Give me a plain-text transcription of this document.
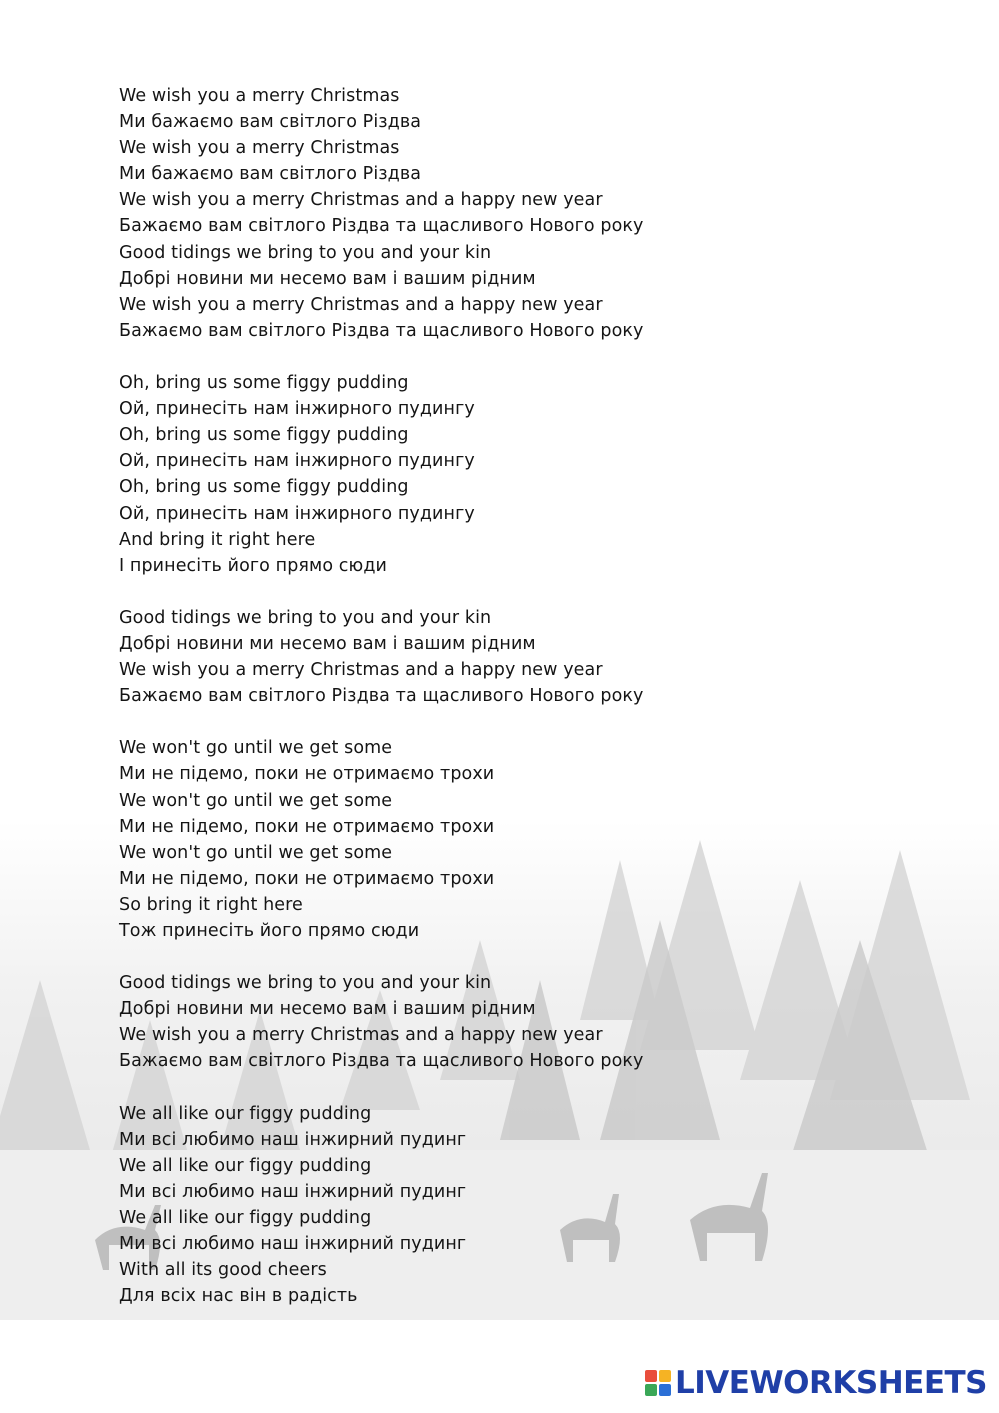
We wish you a merry Christmas
Ми бажаємо вам світлого Різдва
We wish you a merry Christmas
Ми бажаємо вам світлого Різдва
We wish you a merry Christmas and a happy new year
Бажаємо вам світлого Різдва та щасливого Нового року
Good tidings we bring to you and your kin
Добрі новини ми несемо вам і вашим рідним
We wish you a merry Christmas and a happy new year
Бажаємо вам світлого Різдва та щасливого Нового року
Oh, bring us some figgy pudding
Ой, принесіть нам інжирного пудингу
Oh, bring us some figgy pudding
Ой, принесіть нам інжирного пудингу
Oh, bring us some figgy pudding
Ой, принесіть нам інжирного пудингу
And bring it right here
І принесіть його прямо сюди
Good tidings we bring to you and your kin
Добрі новини ми несемо вам і вашим рідним
We wish you a merry Christmas and a happy new year
Бажаємо вам світлого Різдва та щасливого Нового року
We won't go until we get some
Ми не підемо, поки не отримаємо трохи
We won't go until we get some
Ми не підемо, поки не отримаємо трохи
We won't go until we get some
Ми не підемо, поки не отримаємо трохи
So bring it right here
Тож принесіть його прямо сюди
Good tidings we bring to you and your kin
Добрі новини ми несемо вам і вашим рідним
We wish you a merry Christmas and a happy new year
Бажаємо вам світлого Різдва та щасливого Нового року
We all like our figgy pudding
Ми всі любимо наш інжирний пудинг
We all like our figgy pudding
Ми всі любимо наш інжирний пудинг
We all like our figgy pudding
Ми всі любимо наш інжирний пудинг
With all its good cheers
Для всіх нас він в радість
LIVEWORKSHEETS
